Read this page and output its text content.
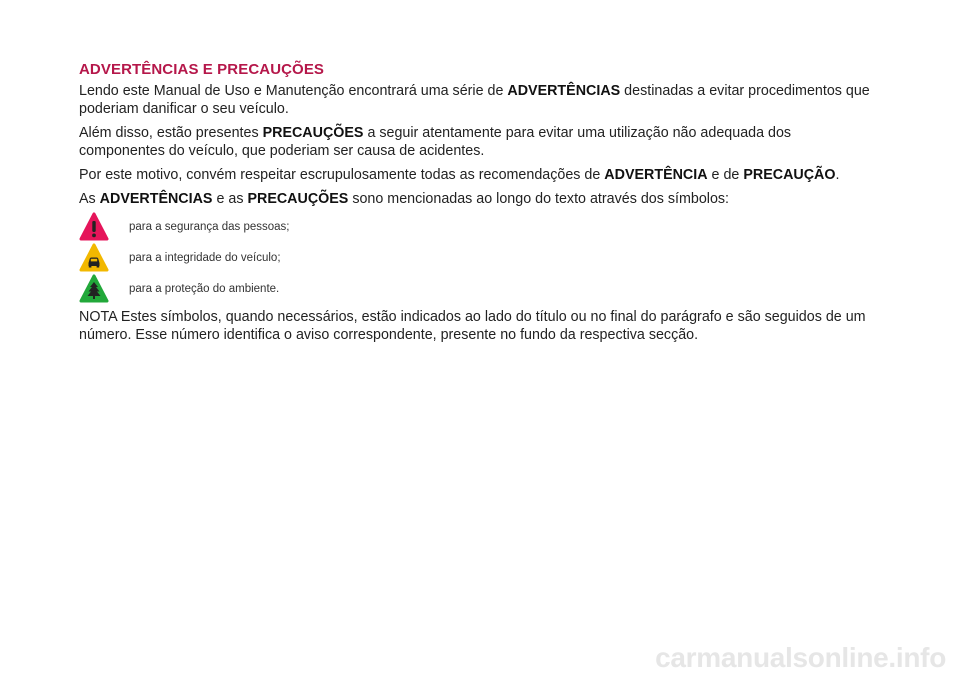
ADVERTÊNCIAS E PRECAUÇÕES

Lendo este Manual de Uso e Manutenção encontrará uma série de ADVERTÊNCIAS destinadas a evitar procedimentos que poderiam danificar o seu veículo.

Além disso, estão presentes PRECAUÇÕES a seguir atentamente para evitar uma utilização não adequada dos componentes do veículo, que poderiam ser causa de acidentes.

Por este motivo, convém respeitar escrupulosamente todas as recomendações de ADVERTÊNCIA e de PRECAUÇÃO.

As ADVERTÊNCIAS e as PRECAUÇÕES sono mencionadas ao longo do texto através dos símbolos:

para a segurança das pessoas;
para a integridade do veículo;
para a proteção do ambiente.

NOTA Estes símbolos, quando necessários, estão indicados ao lado do título ou no final do parágrafo e são seguidos de um número. Esse número identifica o aviso correspondente, presente no fundo da respectiva secção.

carmanualsonline.info
